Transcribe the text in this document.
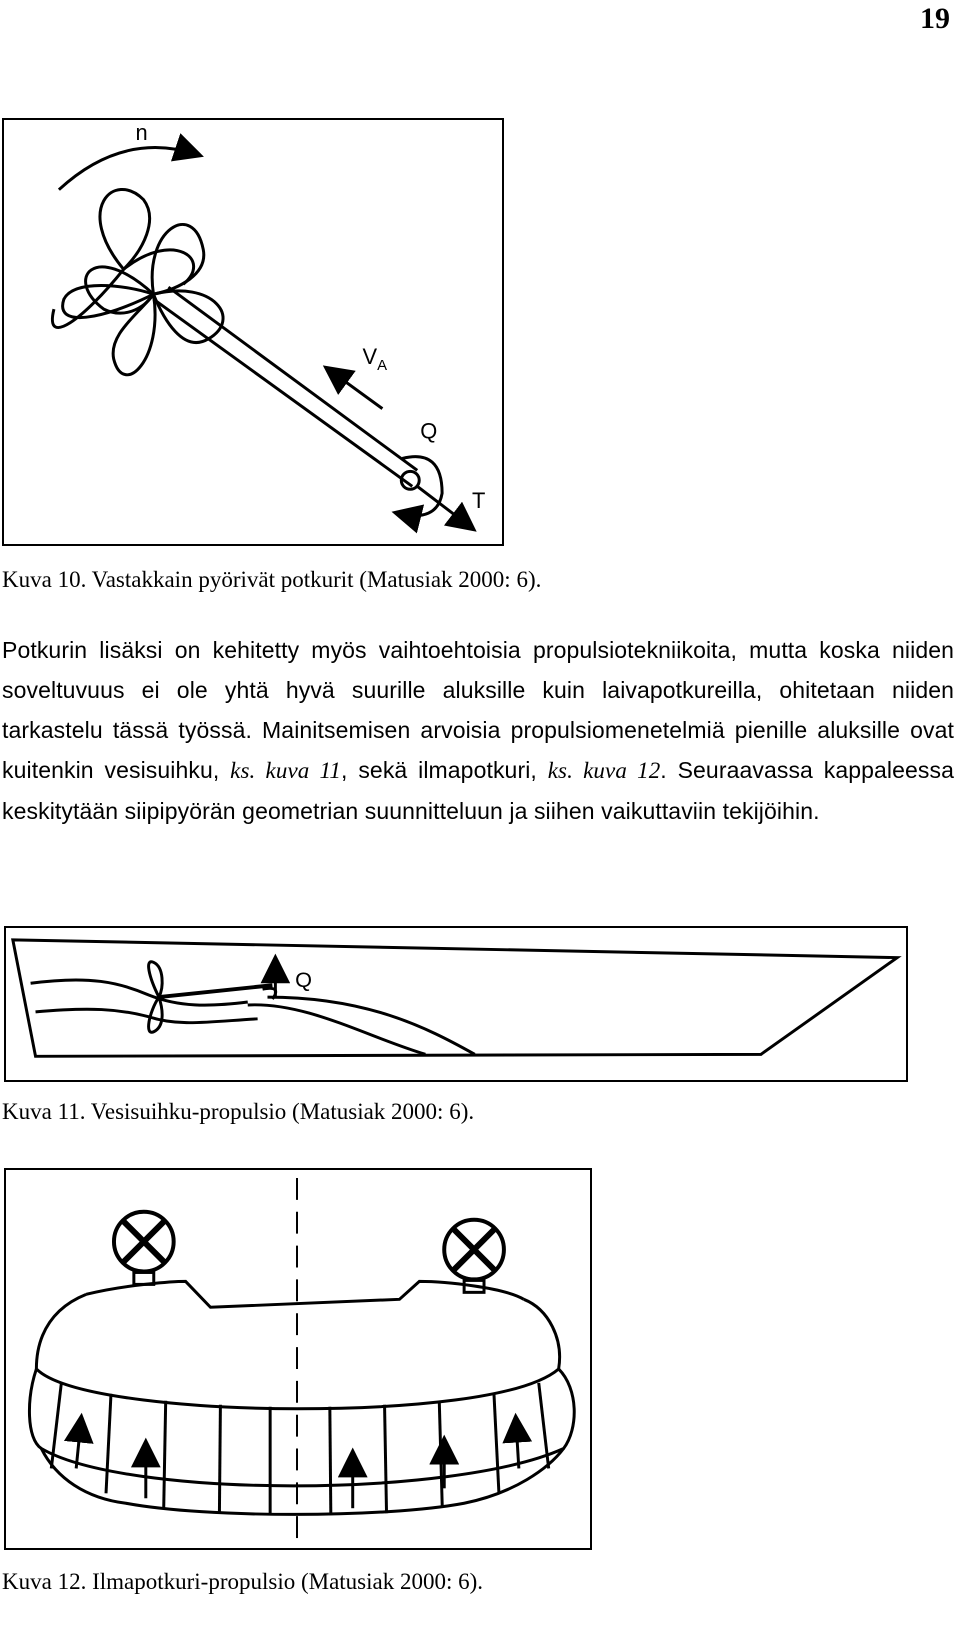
19
n
$V_A$
Q
T
Kuva 10. Vastakkain pyörivät potkurit (Matusiak 2000: 6).

Potkurin lisäksi on kehitetty myös vaihtoehtoisia propulsiotekniikoita, mutta koska niiden soveltuvuus ei ole yhtä hyvä suurille aluksille kuin laivapotkureilla, ohitetaan niiden tarkastelu tässä työssä. Mainitsemisen arvoisia propulsiomenetelmiä pienille aluksille ovat kuitenkin vesisuihku, ks. kuva 11, sekä ilmapotkuri, ks. kuva 12. Seuraavassa kappaleessa keskitytään siipipyörän geometrian suunnitteluun ja siihen vaikuttaviin tekijöihin.

Q
Kuva 11. Vesisuihku-propulsio (Matusiak 2000: 6).
Kuva 12. Ilmapotkuri-propulsio (Matusiak 2000: 6).
